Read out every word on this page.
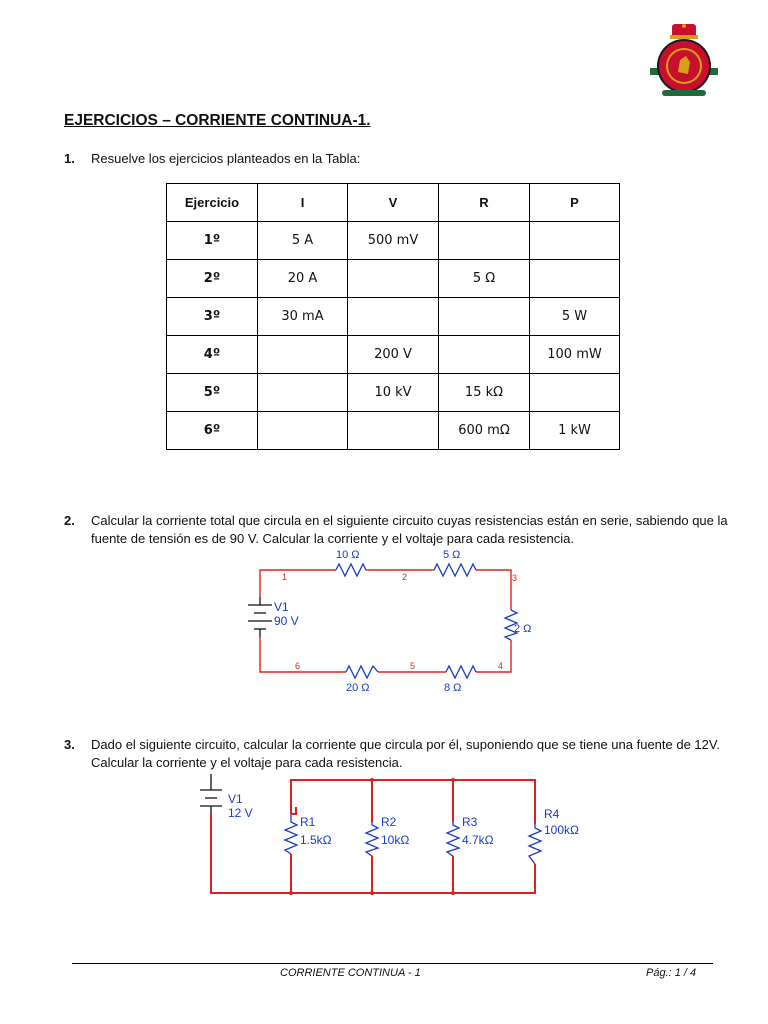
EJERCICIOS – CORRIENTE CONTINUA-1.
1. Resuelve los ejercicios planteados en la Tabla:
Ejercicio	I	V	R	P
1º	5 A	500 mV		
2º	20 A		5 Ω	
3º	30 mA			5 W
4º		200 V		100 mW
5º		10 kV	15 kΩ	
6º			600 mΩ	1 kW
2. Calcular la corriente total que circula en el siguiente circuito cuyas resistencias están en serie, sabiendo que la fuente de tensión es de 90 V. Calcular la corriente y el voltaje para cada resistencia.
V1
90 V
10 Ω	5 Ω
2 Ω
20 Ω	8 Ω
1	2	3
4
5
6
3. Dado el siguiente circuito, calcular la corriente que circula por él, suponiendo que se tiene una fuente de 12V. Calcular la corriente y el voltaje para cada resistencia.
V1
12 V
R1
1.5kΩ
R2
10kΩ
R3
4.7kΩ
R4
100kΩ
CORRIENTE CONTINUA - 1	Pág.: 1 / 4
